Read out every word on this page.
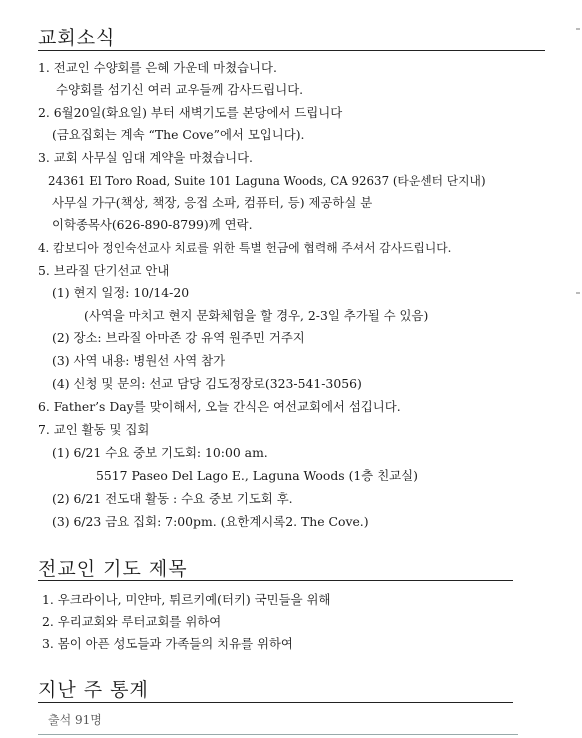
교회소식
1. 전교인 수양회를 은혜 가운데 마쳤습니다.
수양회를 섬기신 여러 교우들께 감사드립니다.
2. 6월20일(화요일) 부터 새벽기도를 본당에서 드립니다
(금요집회는 계속 “The Cove”에서 모입니다).
3. 교회 사무실 임대 계약을 마쳤습니다.
24361 El Toro Road, Suite 101 Laguna Woods, CA 92637 (타운센터 단지내)
사무실 가구(책상, 책장, 응접 소파, 컴퓨터, 등) 제공하실 분
이학종목사(626-890-8799)께 연락.
4. 캄보디아 정인숙선교사 치료를 위한 특별 헌금에 협력해 주셔서 감사드립니다.
5. 브라질 단기선교 안내
(1) 현지 일정: 10/14-20
(사역을 마치고 현지 문화체험을 할 경우, 2-3일 추가될 수 있음)
(2) 장소: 브라질 아마존 강 유역 원주민 거주지
(3) 사역 내용: 병원선 사역 참가
(4) 신청 및 문의: 선교 담당 김도정장로(323-541-3056)
6. Father’s Day를 맞이해서, 오늘 간식은 여선교회에서 섬깁니다.
7. 교인 활동 및 집회
(1) 6/21 수요 중보 기도회: 10:00 am.
5517 Paseo Del Lago E., Laguna Woods (1층 친교실)
(2) 6/21 전도대 활동 : 수요 중보 기도회 후.
(3) 6/23 금요 집회: 7:00pm. (요한계시록2. The Cove.)
전교인 기도 제목
1. 우크라이나, 미얀마, 튀르키예(터키) 국민들을 위해
2. 우리교회와 루터교회를 위하여
3. 몸이 아픈 성도들과 가족들의 치유를 위하여
지난 주 통계
출석 91명
